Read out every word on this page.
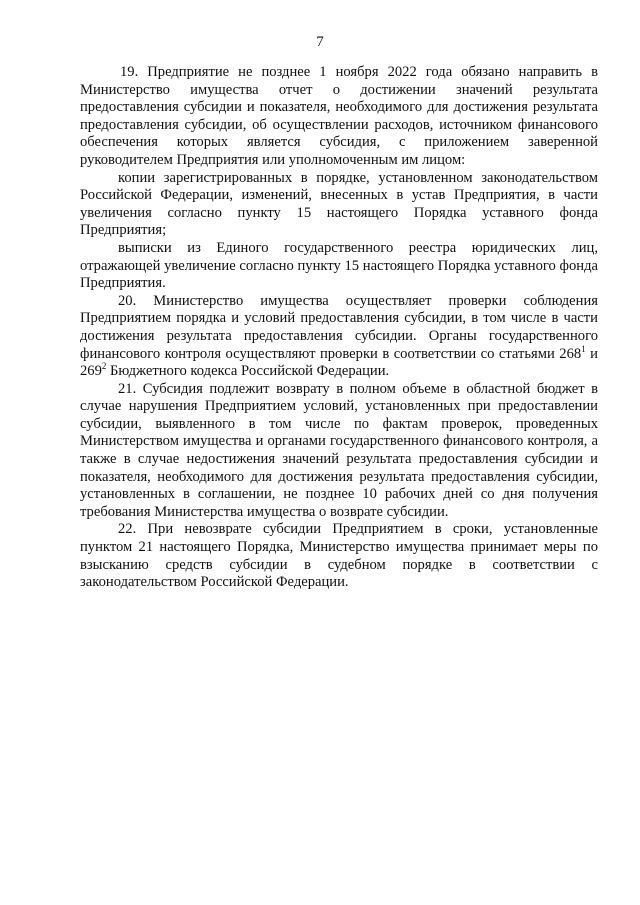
7

19. Предприятие не позднее 1 ноября 2022 года обязано направить в Министерство имущества отчет о достижении значений результата предоставления субсидии и показателя, необходимого для достижения результата предоставления субсидии, об осуществлении расходов, источником финансового обеспечения которых является субсидия, с приложением заверенной руководителем Предприятия или уполномоченным им лицом:

копии зарегистрированных в порядке, установленном законодательством Российской Федерации, изменений, внесенных в устав Предприятия, в части увеличения согласно пункту 15 настоящего Порядка уставного фонда Предприятия;

выписки из Единого государственного реестра юридических лиц, отражающей увеличение согласно пункту 15 настоящего Порядка уставного фонда Предприятия.

20. Министерство имущества осуществляет проверки соблюдения Предприятием порядка и условий предоставления субсидии, в том числе в части достижения результата предоставления субсидии. Органы государственного финансового контроля осуществляют проверки в соответствии со статьями $268^1$ и $269^2$ Бюджетного кодекса Российской Федерации.

21. Субсидия подлежит возврату в полном объеме в областной бюджет в случае нарушения Предприятием условий, установленных при предоставлении субсидии, выявленного в том числе по фактам проверок, проведенных Министерством имущества и органами государственного финансового контроля, а также в случае недостижения значений результата предоставления субсидии и показателя, необходимого для достижения результата предоставления субсидии, установленных в соглашении, не позднее 10 рабочих дней со дня получения требования Министерства имущества о возврате субсидии.

22. При невозврате субсидии Предприятием в сроки, установленные пунктом 21 настоящего Порядка, Министерство имущества принимает меры по взысканию средств субсидии в судебном порядке в соответствии с законодательством Российской Федерации.
